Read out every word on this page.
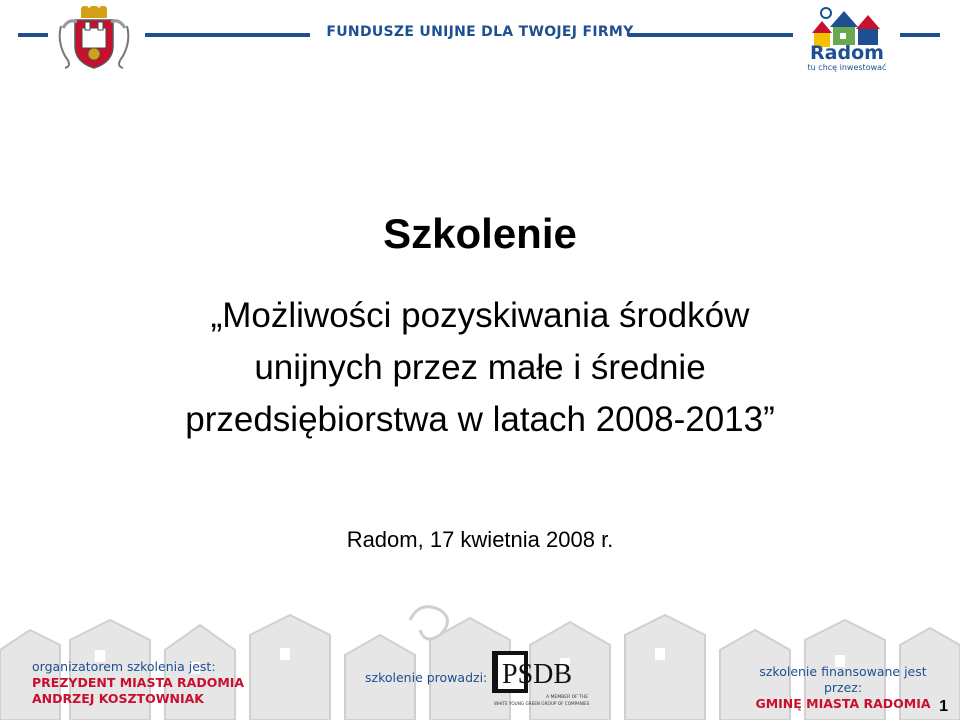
FUNDUSZE UNIJNE DLA TWOJEJ FIRMY
Radom
tu chcę inwestować
Szkolenie
„Możliwości pozyskiwania środków
unijnych przez małe i średnie
przedsiębiorstwa w latach 2008-2013”
Radom, 17 kwietnia 2008 r.
organizatorem szkolenia jest:
PREZYDENT MIASTA RADOMIA
ANDRZEJ KOSZTOWNIAK
szkolenie prowadzi: PSDB
A MEMBER OF THE
WHITE YOUNG GREEN GROUP OF COMPANIES
szkolenie finansowane jest przez:
GMINĘ MIASTA RADOMIA 1
